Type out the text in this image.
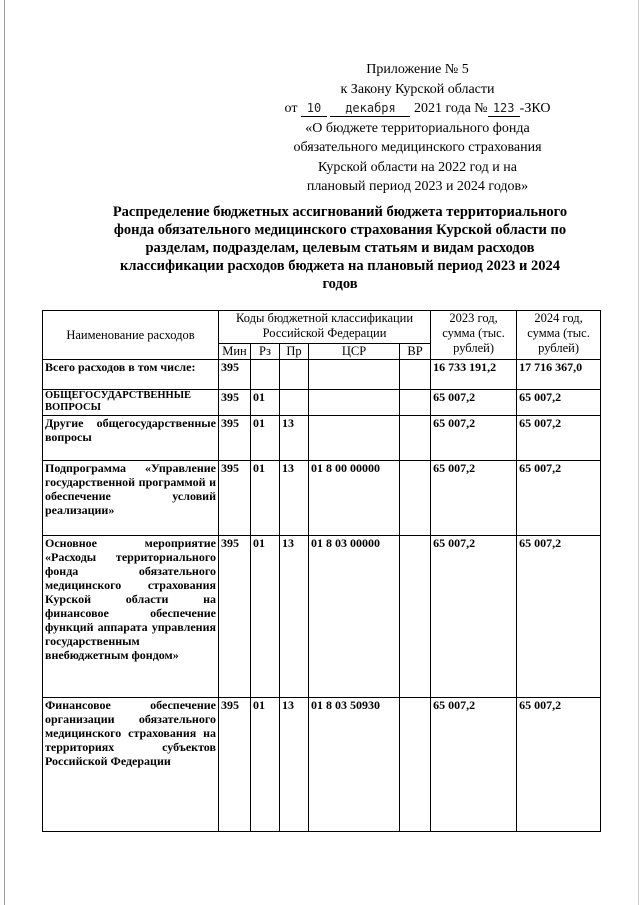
Приложение № 5

к Закону Курской области

от 10 декабря 2021 года № 123 -ЗКО

«О бюджете территориального фонда

обязательного медицинского страхования

Курской области на 2022 год и на

плановый период 2023 и 2024 годов»

Распределение бюджетных ассигнований бюджета территориального
фонда обязательного медицинского страхования Курской области по
разделам, подразделам, целевым статьям и видам расходов
классификации расходов бюджета на плановый период 2023 и 2024
годов
Наименование расходов	Коды бюджетной классификации Российской Федерации					2023 год, сумма (тыс. рублей)	2024 год, сумма (тыс. рублей)
	Мин	Рз	Пр	ЦСР	ВР		
Всего расходов в том числе:	395					16 733 191,2	17 716 367,0
ОБЩЕГОСУДАРСТВЕННЫЕ ВОПРОСЫ	395	01				65 007,2	65 007,2
Другие общегосударственные вопросы	395	01	13			65 007,2	65 007,2
Подпрограмма «Управление государственной программой и обеспечение условий реализации»	395	01	13	01 8 00 00000		65 007,2	65 007,2
Основное мероприятие «Расходы территориального фонда обязательного медицинского страхования Курской области на финансовое обеспечение функций аппарата управления государственным внебюджетным фондом»	395	01	13	01 8 03 00000		65 007,2	65 007,2
Финансовое обеспечение организации обязательного медицинского страхования на территориях субъектов Российской Федерации	395	01	13	01 8 03 50930		65 007,2	65 007,2
